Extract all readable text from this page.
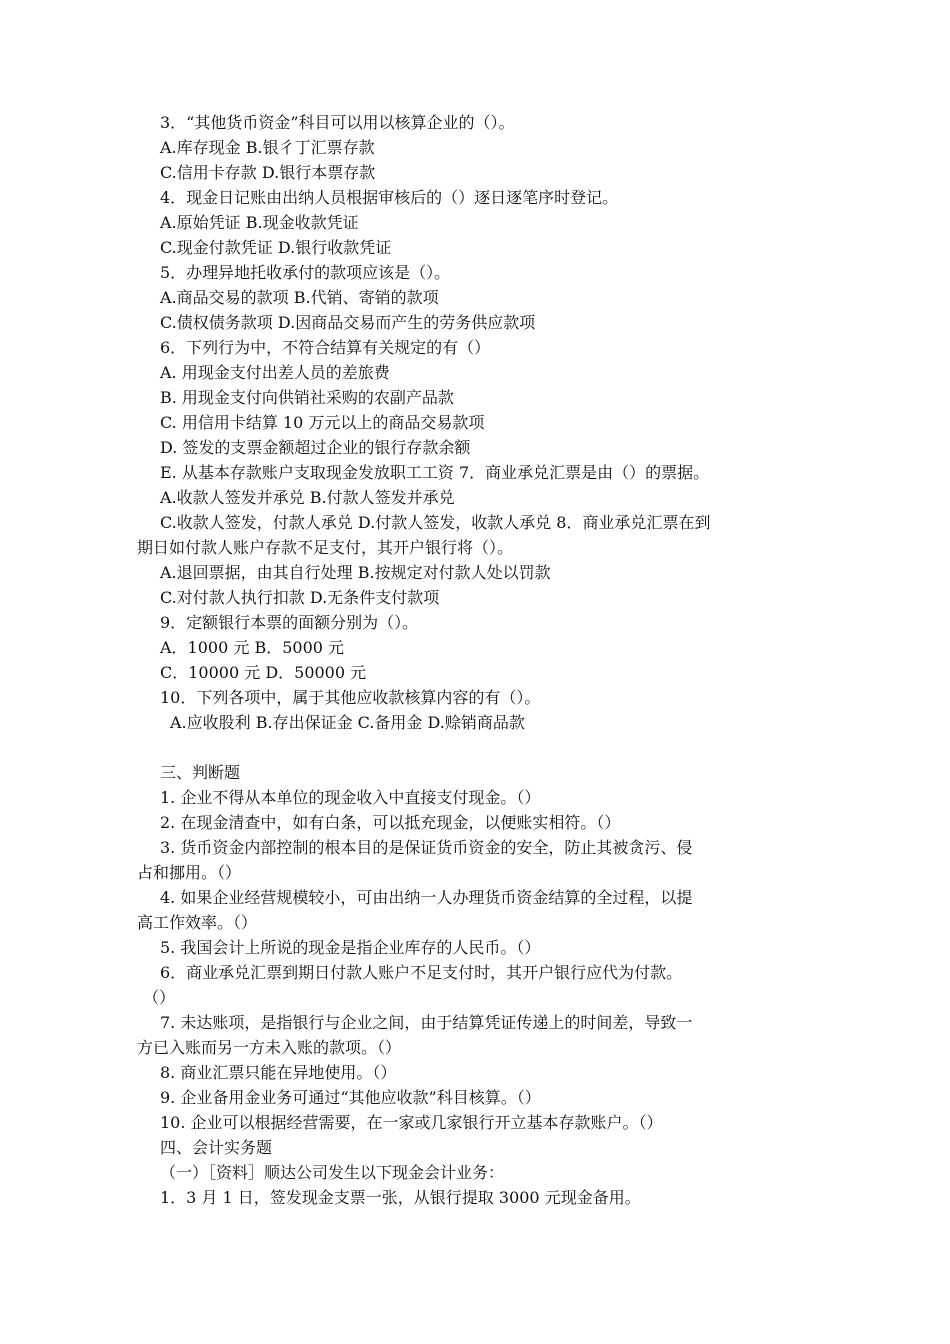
3．“其他货币资金”科目可以用以核算企业的（）。
A.库存现金 B.银彳丁汇票存款
C.信用卡存款 D.银行本票存款
4．现金日记账由出纳人员根据审核后的（）逐日逐笔序时登记。
A.原始凭证 B.现金收款凭证
C.现金付款凭证 D.银行收款凭证
5．办理异地托收承付的款项应该是（）。
A.商品交易的款项 B.代销、寄销的款项
C.债权债务款项 D.因商品交易而产生的劳务供应款项
6．下列行为中，不符合结算有关规定的有（）
A. 用现金支付出差人员的差旅费
B. 用现金支付向供销社采购的农副产品款
C. 用信用卡结算 10 万元以上的商品交易款项
D. 签发的支票金额超过企业的银行存款余额
E. 从基本存款账户支取现金发放职工工资 7．商业承兑汇票是由（）的票据。
A.收款人签发并承兑 B.付款人签发并承兑
C.收款人签发，付款人承兑 D.付款人签发，收款人承兑 8．商业承兑汇票在到
期日如付款人账户存款不足支付，其开户银行将（）。
A.退回票据，由其自行处理 B.按规定对付款人处以罚款
C.对付款人执行扣款 D.无条件支付款项
9．定额银行本票的面额分别为（）。
A．1000 元 B．5000 元
C．10000 元 D．50000 元
10．下列各项中，属于其他应收款核算内容的有（）。
A.应收股利 B.存出保证金 C.备用金 D.赊销商品款
三、判断题
1. 企业不得从本单位的现金收入中直接支付现金。（）
2. 在现金清查中，如有白条，可以抵充现金，以便账实相符。（）
3. 货币资金内部控制的根本目的是保证货币资金的安全，防止其被贪污、侵
占和挪用。（）
4. 如果企业经营规模较小，可由出纳一人办理货币资金结算的全过程，以提
高工作效率。（）
5. 我国会计上所说的现金是指企业库存的人民币。（）
6．商业承兑汇票到期日付款人账户不足支付时，其开户银行应代为付款。
（）
7. 未达账项，是指银行与企业之间，由于结算凭证传递上的时间差，导致一
方已入账而另一方未入账的款项。（）
8. 商业汇票只能在异地使用。（）
9. 企业备用金业务可通过“其他应收款”科目核算。（）
10. 企业可以根据经营需要，在一家或几家银行开立基本存款账户。（）
四、会计实务题
（一）［资料］顺达公司发生以下现金会计业务：
1．3 月 1 日，签发现金支票一张，从银行提取 3000 元现金备用。
